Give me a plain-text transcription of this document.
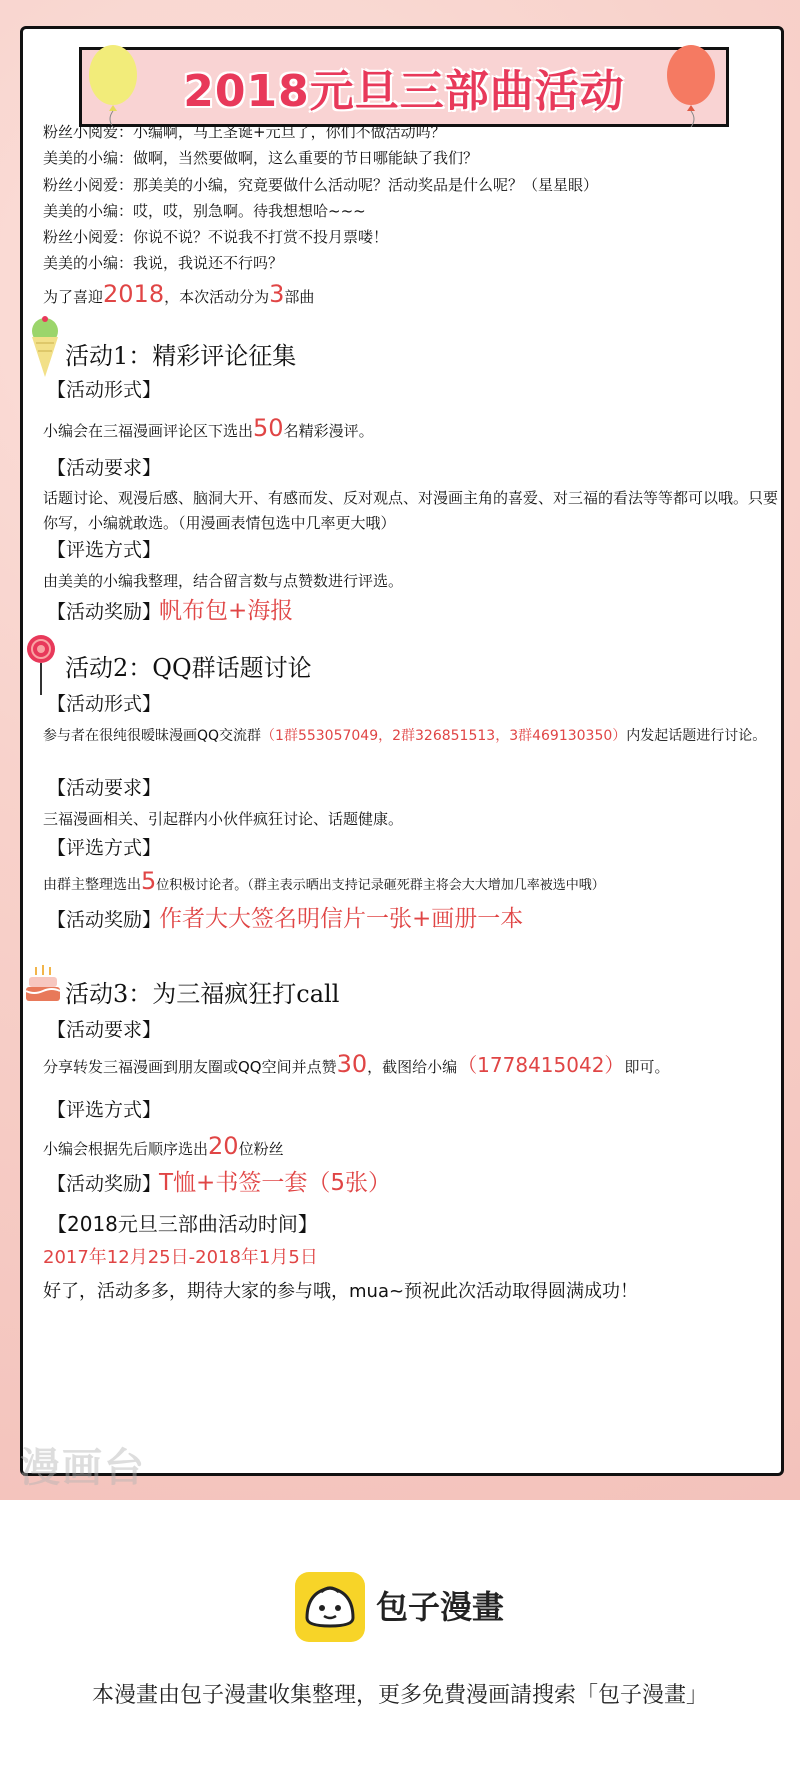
2018元旦三部曲活动
粉丝小阅爱：小编啊，马上圣诞+元旦了，你们不做活动吗？
美美的小编：做啊，当然要做啊，这么重要的节日哪能缺了我们？
粉丝小阅爱：那美美的小编，究竟要做什么活动呢？活动奖品是什么呢？（星星眼）
美美的小编：哎，哎，别急啊。待我想想哈~~~
粉丝小阅爱：你说不说？不说我不打赏不投月票喽！
美美的小编：我说，我说还不行吗？
为了喜迎2018，本次活动分为3部曲
活动1：精彩评论征集
【活动形式】
小编会在三福漫画评论区下选出50名精彩漫评。
【活动要求】
话题讨论、观漫后感、脑洞大开、有感而发、反对观点、对漫画主角的喜爱、对三福的看法等等都可以哦。只要你写，小编就敢选。（用漫画表情包选中几率更大哦）
【评选方式】
由美美的小编我整理，结合留言数与点赞数进行评选。
【活动奖励】
帆布包+海报
活动2：QQ群话题讨论
【活动形式】
参与者在很纯很暧昧漫画QQ交流群（1群553057049，2群326851513，3群469130350）内发起话题进行讨论。
【活动要求】
三福漫画相关、引起群内小伙伴疯狂讨论、话题健康。
【评选方式】
由群主整理选出5位积极讨论者。（群主表示晒出支持记录砸死群主将会大大增加几率被选中哦）
【活动奖励】
作者大大签名明信片一张+画册一本
活动3：为三福疯狂打call
【活动要求】
分享转发三福漫画到朋友圈或QQ空间并点赞30，截图给小编（1778415042）即可。
【评选方式】
小编会根据先后顺序选出20位粉丝
【活动奖励】
T恤+书签一套（5张）
【2018元旦三部曲活动时间】
2017年12月25日-2018年1月5日
好了，活动多多，期待大家的参与哦，mua~预祝此次活动取得圆满成功！
漫画台
包子漫畫
本漫畫由包子漫畫收集整理，更多免費漫画請搜索「包子漫畫」
